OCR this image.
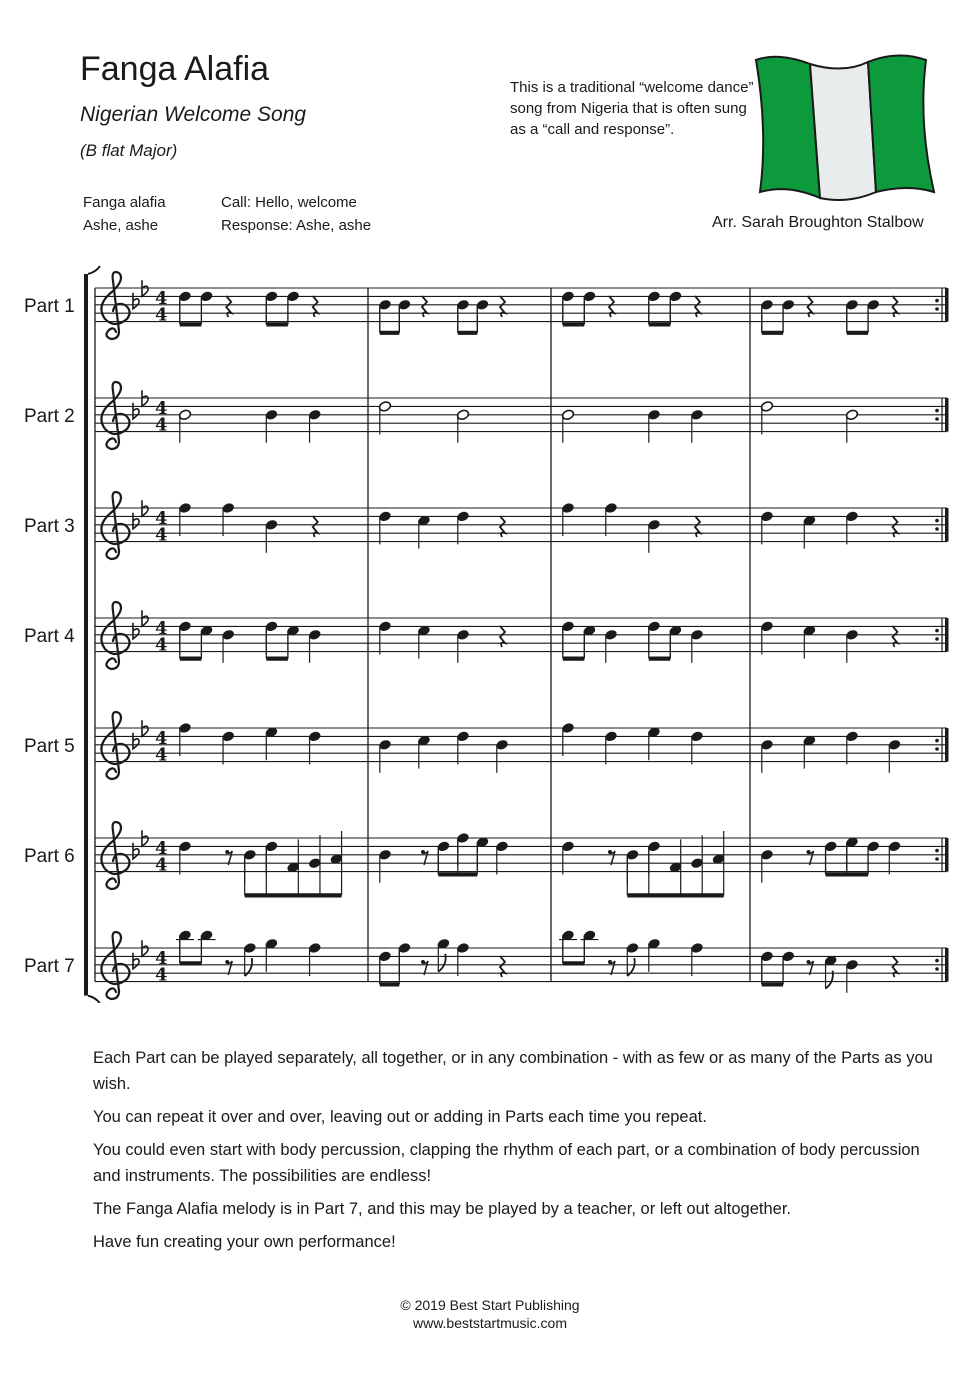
Fanga Alafia
Nigerian Welcome Song
(B flat Major)
Fanga alafia
Ashe, ashe
Call: Hello, welcome
Response: Ashe, ashe
This is a traditional “welcome dance” song from Nigeria that is often sung as a “call and response”.
Arr. Sarah Broughton Stalbow
Part 1	4
4
Part 2	4
4
Part 3	4
4
Part 4	4
4
Part 5	4
4
Part 6	4
4
Part 7	4
4

Each Part can be played separately, all together, or in any combination - with as few or as many of the Parts as you wish.

You can repeat it over and over, leaving out or adding in Parts each time you repeat.

You could even start with body percussion, clapping the rhythm of each part, or a combination of body percussion and instruments. The possibilities are endless!

The Fanga Alafia melody is in Part 7, and this may be played by a teacher, or left out altogether.

Have fun creating your own performance!

© 2019 Best Start Publishing
www.beststartmusic.com
